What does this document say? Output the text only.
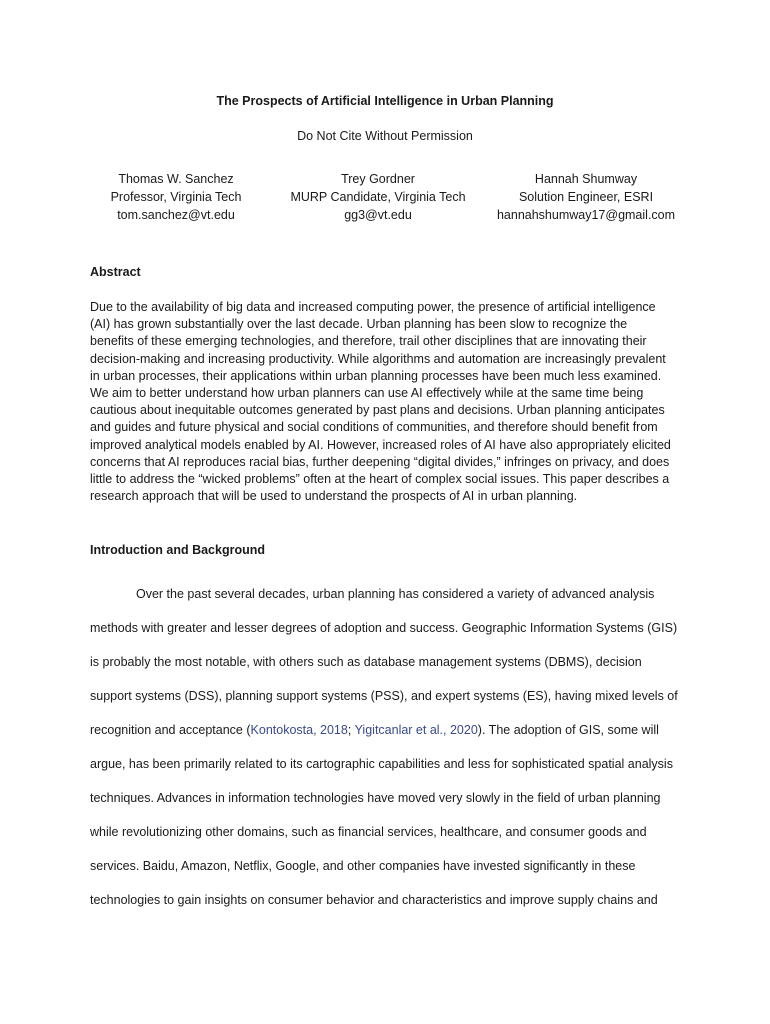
The Prospects of Artificial Intelligence in Urban Planning
Do Not Cite Without Permission
Thomas W. Sanchez
Professor, Virginia Tech
tom.sanchez@vt.edu
Trey Gordner
MURP Candidate, Virginia Tech
gg3@vt.edu
Hannah Shumway
Solution Engineer, ESRI
hannahshumway17@gmail.com
Abstract
Due to the availability of big data and increased computing power, the presence of artificial intelligence
(AI) has grown substantially over the last decade. Urban planning has been slow to recognize the
benefits of these emerging technologies, and therefore, trail other disciplines that are innovating their
decision-making and increasing productivity. While algorithms and automation are increasingly prevalent
in urban processes, their applications within urban planning processes have been much less examined.
We aim to better understand how urban planners can use AI effectively while at the same time being
cautious about inequitable outcomes generated by past plans and decisions. Urban planning anticipates
and guides and future physical and social conditions of communities, and therefore should benefit from
improved analytical models enabled by AI. However, increased roles of AI have also appropriately elicited
concerns that AI reproduces racial bias, further deepening “digital divides,” infringes on privacy, and does
little to address the “wicked problems” often at the heart of complex social issues. This paper describes a
research approach that will be used to understand the prospects of AI in urban planning.
Introduction and Background
Over the past several decades, urban planning has considered a variety of advanced analysis
methods with greater and lesser degrees of adoption and success. Geographic Information Systems (GIS)
is probably the most notable, with others such as database management systems (DBMS), decision
support systems (DSS), planning support systems (PSS), and expert systems (ES), having mixed levels of
recognition and acceptance (Kontokosta, 2018; Yigitcanlar et al., 2020). The adoption of GIS, some will
argue, has been primarily related to its cartographic capabilities and less for sophisticated spatial analysis
techniques. Advances in information technologies have moved very slowly in the field of urban planning
while revolutionizing other domains, such as financial services, healthcare, and consumer goods and
services. Baidu, Amazon, Netflix, Google, and other companies have invested significantly in these
technologies to gain insights on consumer behavior and characteristics and improve supply chains and
